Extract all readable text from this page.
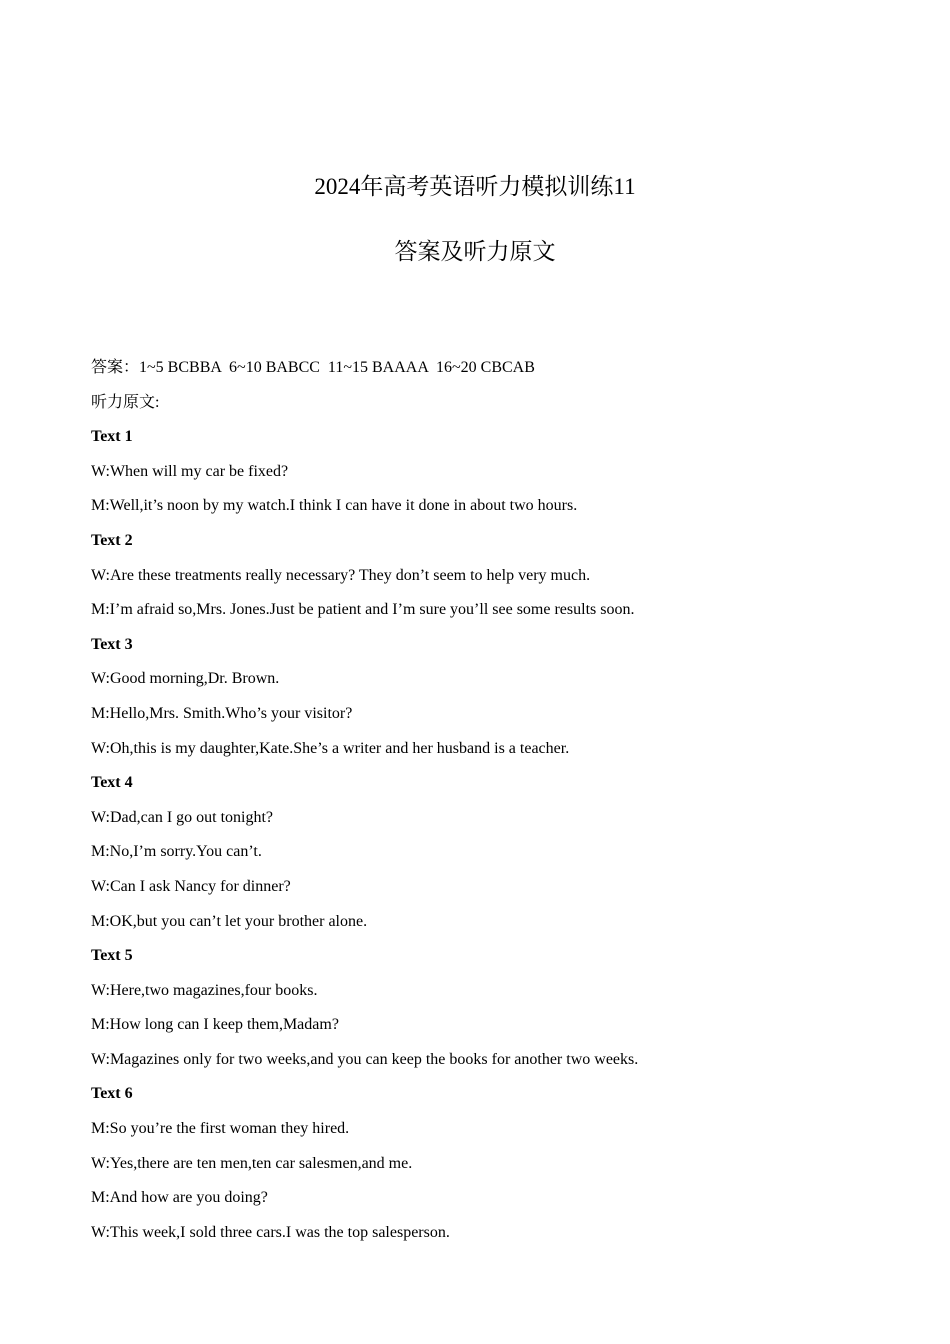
2024年高考英语听力模拟训练11
答案及听力原文
答案：1~5 BCBBA  6~10 BABCC  11~15 BAAAA  16~20 CBCAB
听力原文:
Text 1
W:When will my car be fixed?
M:Well,it’s noon by my watch.I think I can have it done in about two hours.
Text 2
W:Are these treatments really necessary? They don’t seem to help very much.
M:I’m afraid so,Mrs. Jones.Just be patient and I’m sure you’ll see some results soon.
Text 3
W:Good morning,Dr. Brown.
M:Hello,Mrs. Smith.Who’s your visitor?
W:Oh,this is my daughter,Kate.She’s a writer and her husband is a teacher.
Text 4
W:Dad,can I go out tonight?
M:No,I’m sorry.You can’t.
W:Can I ask Nancy for dinner?
M:OK,but you can’t let your brother alone.
Text 5
W:Here,two magazines,four books.
M:How long can I keep them,Madam?
W:Magazines only for two weeks,and you can keep the books for another two weeks.
Text 6
M:So you’re the first woman they hired.
W:Yes,there are ten men,ten car salesmen,and me.
M:And how are you doing?
W:This week,I sold three cars.I was the top salesperson.
